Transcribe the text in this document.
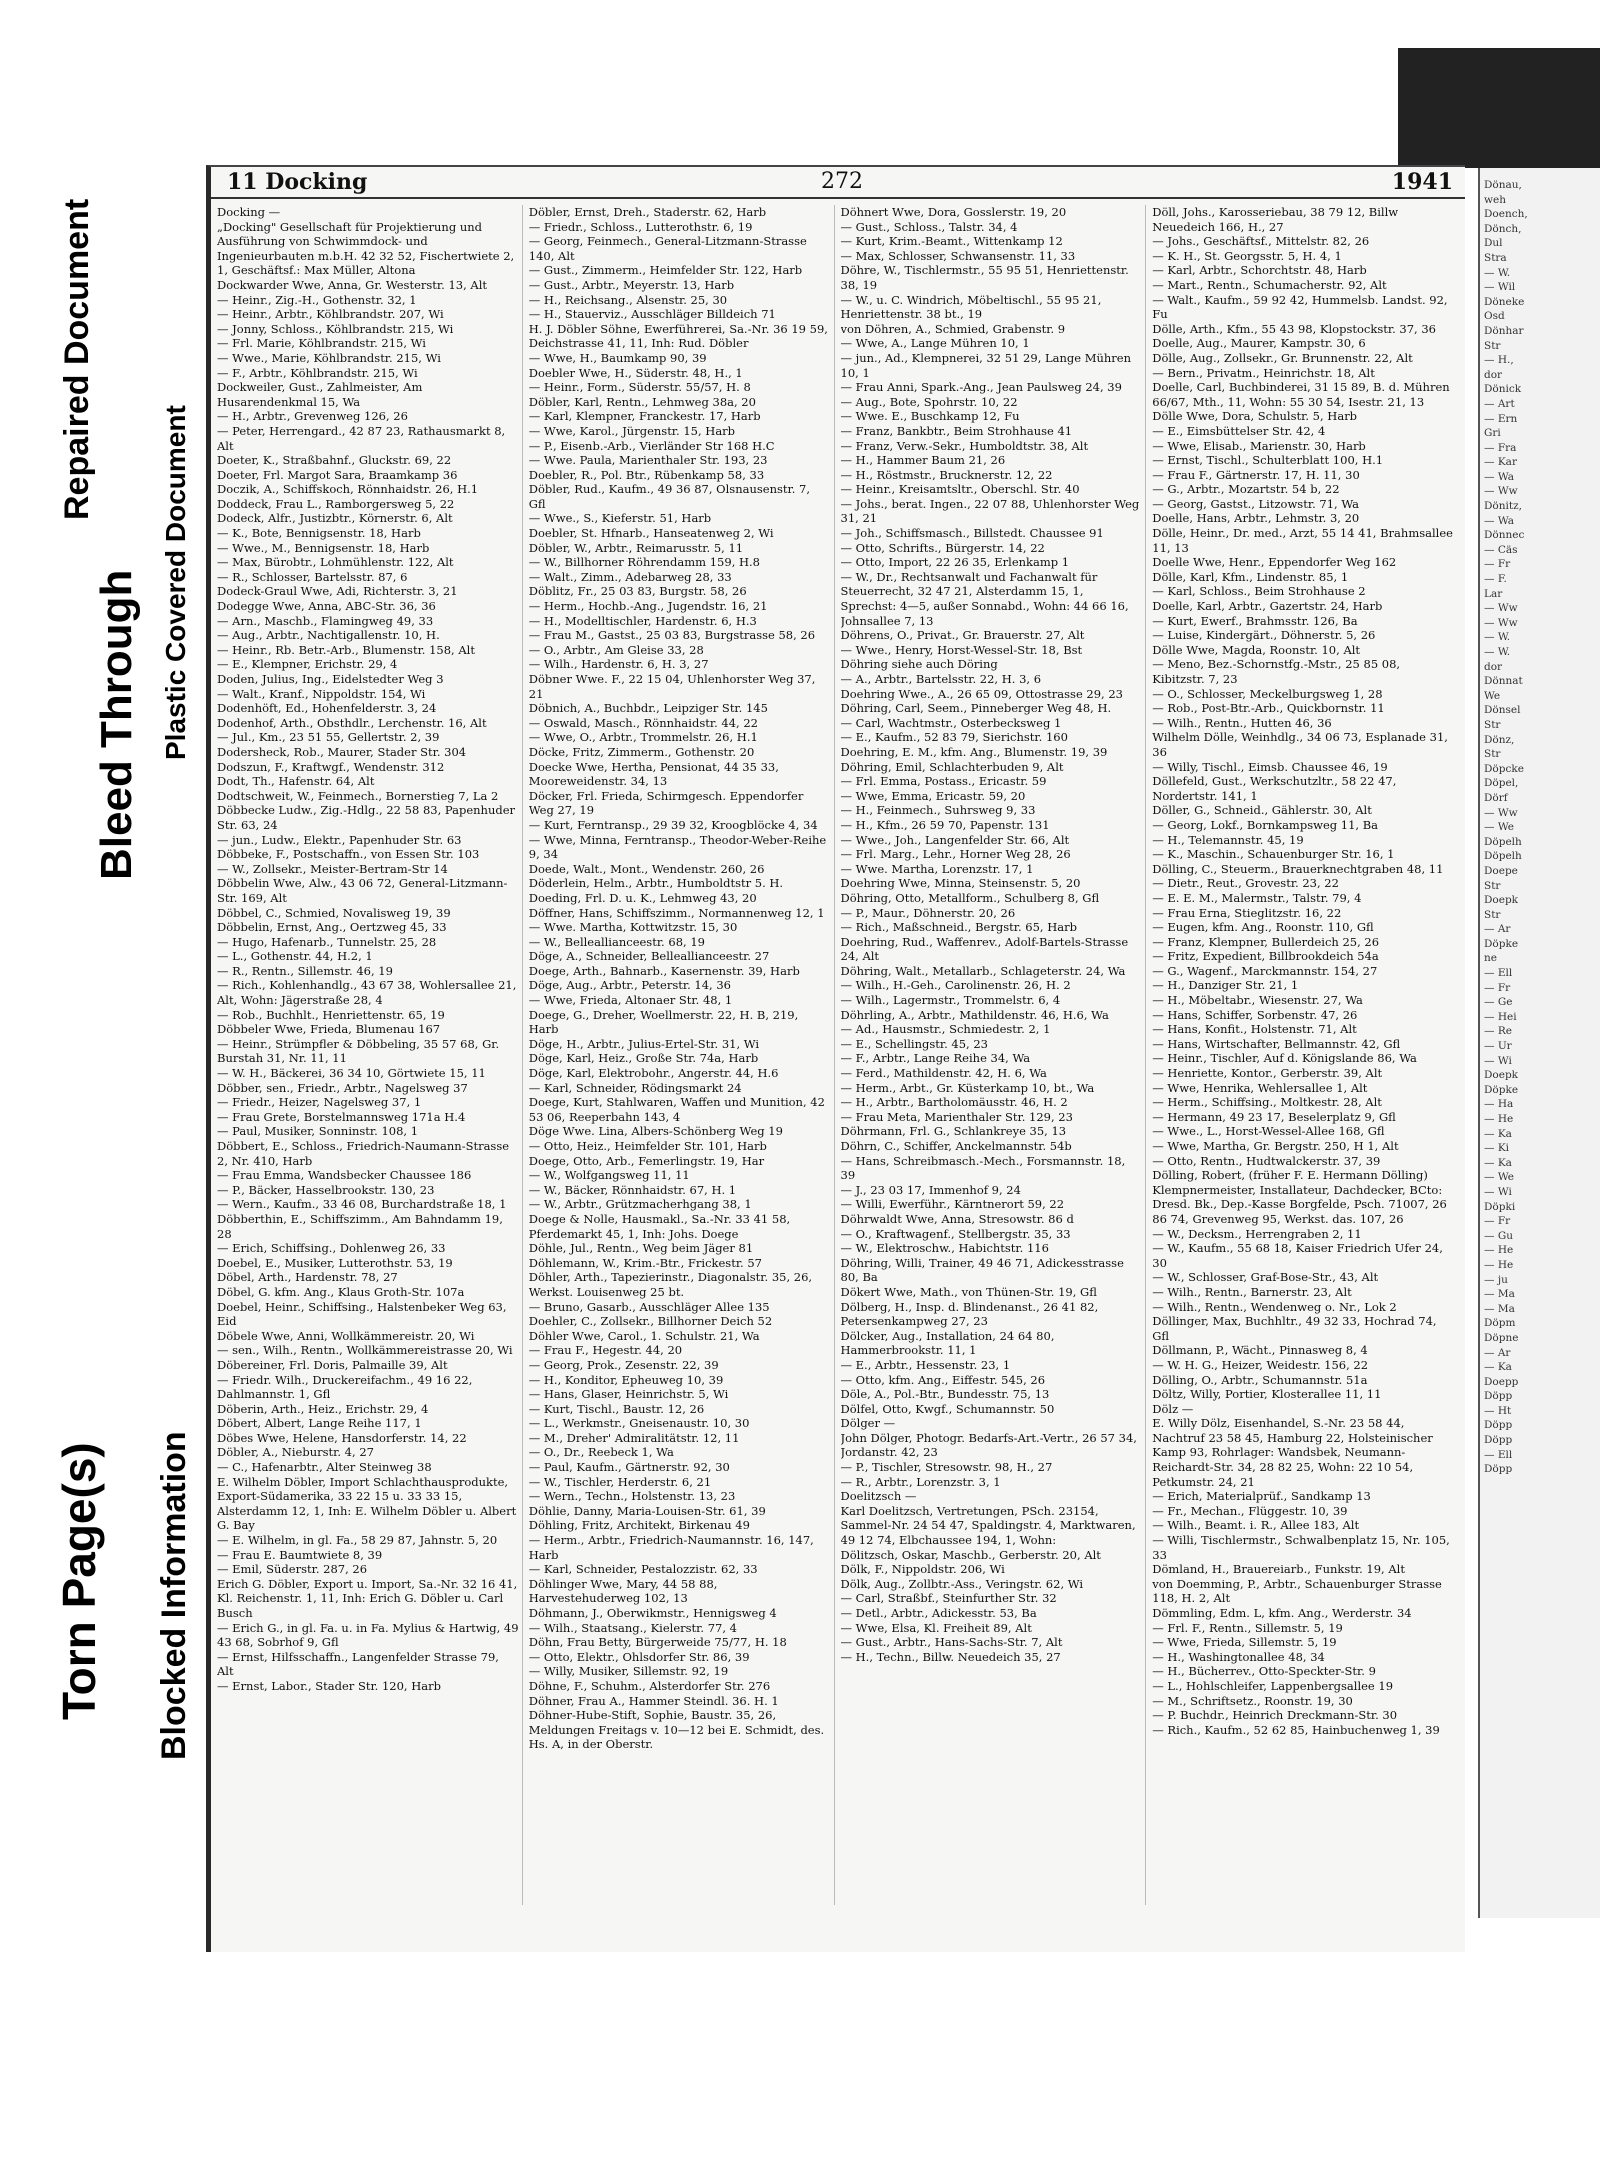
Dönau,
weh
Doench,
Dönch,
Dul
Stra
— W.
— Wil
Döneke
Osd
Dönhar
Str
— H.,
dor
Dönick
— Art
— Ern
Gri
— Fra
— Kar
— Wa
— Ww
Dönitz,
— Wa
Dönnec
— Cäs
— Fr
— F.
Lar
— Ww
— Ww
— W.
— W.
dor
Dönnat
We
Dönsel
Str
Dönz,
Str
Döpcke
Döpel,
Dörf
— Ww
— We
Döpelh
Döpelh
Doepe
Str
Doepk
Str
— Ar
Döpke
ne
— Ell
— Fr
— Ge
— Hei
— Re
— Ur
— Wi
Doepk
Döpke
— Ha
— He
— Ka
— Ki
— Ka
— We
— Wi
Döpki
— Fr
— Gu
— He
— He
— ju
— Ma
— Ma
Döpm
Döpne
— Ar
— Ka
Doepp
Döpp
— Ht
Döpp
Döpp
— Ell
Döpp
Bleed Through
Repaired Document
Plastic Covered Document
Torn Page(s) Blocked Information
11 Docking	272	1941

Docking —

„Docking" Gesellschaft für Projektierung und Ausführung von Schwimmdock- und Ingenieurbauten m.b.H. 42 32 52, Fischertwiete 2, 1, Geschäftsf.: Max Müller, Altona

Dockwarder Wwe, Anna, Gr. Westerstr. 13, Alt

— Heinr., Zig.-H., Gothenstr. 32, 1

— Heinr., Arbtr., Köhlbrandstr. 207, Wi

— Jonny, Schloss., Köhlbrandstr. 215, Wi

— Frl. Marie, Köhlbrandstr. 215, Wi

— Wwe., Marie, Köhlbrandstr. 215, Wi

— F., Arbtr., Köhlbrandstr. 215, Wi

Dockweiler, Gust., Zahlmeister, Am Husarendenkmal 15, Wa

— H., Arbtr., Grevenweg 126, 26

— Peter, Herrengard., 42 87 23, Rathausmarkt 8, Alt

Doeter, K., Straßbahnf., Gluckstr. 69, 22

Doeter, Frl. Margot Sara, Braamkamp 36

Doczik, A., Schiffskoch, Rönnhaidstr. 26, H.1

Doddeck, Frau L., Ramborgersweg 5, 22

Dodeck, Alfr., Justizbtr., Körnerstr. 6, Alt

— K., Bote, Bennigsenstr. 18, Harb

— Wwe., M., Bennigsenstr. 18, Harb

— Max, Bürobtr., Lohmühlenstr. 122, Alt

— R., Schlosser, Bartelsstr. 87, 6

Dodeck-Graul Wwe, Adi, Richterstr. 3, 21

Dodegge Wwe, Anna, ABC-Str. 36, 36

— Arn., Maschb., Flamingweg 49, 33

— Aug., Arbtr., Nachtigallenstr. 10, H.

— Heinr., Rb. Betr.-Arb., Blumenstr. 158, Alt

— E., Klempner, Erichstr. 29, 4

Doden, Julius, Ing., Eidelstedter Weg 3

— Walt., Kranf., Nippoldstr. 154, Wi

Dodenhöft, Ed., Hohenfelderstr. 3, 24

Dodenhof, Arth., Obsthdlr., Lerchenstr. 16, Alt

— Jul., Km., 23 51 55, Gellertstr. 2, 39

Dodersheck, Rob., Maurer, Stader Str. 304

Dodszun, F., Kraftwgf., Wendenstr. 312

Dodt, Th., Hafenstr. 64, Alt

Dodtschweit, W., Feinmech., Bornerstieg 7, La 2

Döbbecke Ludw., Zig.-Hdlg., 22 58 83, Papenhuder Str. 63, 24

— jun., Ludw., Elektr., Papenhuder Str. 63

Döbbeke, F., Postschaffn., von Essen Str. 103

— W., Zollsekr., Meister-Bertram-Str 14

Döbbelin Wwe, Alw., 43 06 72, General-Litzmann-Str. 169, Alt

Döbbel, C., Schmied, Novalisweg 19, 39

Döbbelin, Ernst, Ang., Oertzweg 45, 33

— Hugo, Hafenarb., Tunnelstr. 25, 28

— L., Gothenstr. 44, H.2, 1

— R., Rentn., Sillemstr. 46, 19

— Rich., Kohlenhandlg., 43 67 38, Wohlersallee 21, Alt, Wohn: Jägerstraße 28, 4

— Rob., Buchhlt., Henriettenstr. 65, 19

Döbbeler Wwe, Frieda, Blumenau 167

— Heinr., Strümpfler & Döbbeling, 35 57 68, Gr. Burstah 31, Nr. 11, 11

— W. H., Bäckerei, 36 34 10, Görtwiete 15, 11

Döbber, sen., Friedr., Arbtr., Nagelsweg 37

— Friedr., Heizer, Nagelsweg 37, 1

— Frau Grete, Borstelmannsweg 171a H.4

— Paul, Musiker, Sonninstr. 108, 1

Döbbert, E., Schloss., Friedrich-Naumann-Strasse 2, Nr. 410, Harb

— Frau Emma, Wandsbecker Chaussee 186

— P., Bäcker, Hasselbrookstr. 130, 23

— Wern., Kaufm., 33 46 08, Burchardstraße 18, 1

Döbberthin, E., Schiffszimm., Am Bahndamm 19, 28

— Erich, Schiffsing., Dohlenweg 26, 33

Doebel, E., Musiker, Lutterothstr. 53, 19

Döbel, Arth., Hardenstr. 78, 27

Döbel, G. kfm. Ang., Klaus Groth-Str. 107a

Doebel, Heinr., Schiffsing., Halstenbeker Weg 63, Eid

Döbele Wwe, Anni, Wollkämmereistr. 20, Wi

— sen., Wilh., Rentn., Wollkämmereistrasse 20, Wi

Döbereiner, Frl. Doris, Palmaille 39, Alt

— Friedr. Wilh., Druckereifachm., 49 16 22, Dahlmannstr. 1, Gfl

Döberin, Arth., Heiz., Erichstr. 29, 4

Döbert, Albert, Lange Reihe 117, 1

Döbes Wwe, Helene, Hansdorferstr. 14, 22

Döbler, A., Nieburstr. 4, 27

— C., Hafenarbtr., Alter Steinweg 38

E. Wilhelm Döbler, Import Schlachthausprodukte, Export-Südamerika, 33 22 15 u. 33 33 15, Alsterdamm 12, 1, Inh: E. Wilhelm Döbler u. Albert G. Bay

— E. Wilhelm, in gl. Fa., 58 29 87, Jahnstr. 5, 20

— Frau E. Baumtwiete 8, 39

— Emil, Süderstr. 287, 26

Erich G. Döbler, Export u. Import, Sa.-Nr. 32 16 41, Kl. Reichenstr. 1, 11, Inh: Erich G. Döbler u. Carl Busch

— Erich G., in gl. Fa. u. in Fa. Mylius & Hartwig, 49 43 68, Sobrhof 9, Gfl

— Ernst, Hilfsschaffn., Langenfelder Strasse 79, Alt

— Ernst, Labor., Stader Str. 120, Harb

Döbler, Ernst, Dreh., Staderstr. 62, Harb

— Friedr., Schloss., Lutterothstr. 6, 19

— Georg, Feinmech., General-Litzmann-Strasse 140, Alt

— Gust., Zimmerm., Heimfelder Str. 122, Harb

— Gust., Arbtr., Meyerstr. 13, Harb

— H., Reichsang., Alsenstr. 25, 30

— H., Stauerviz., Ausschläger Billdeich 71

H. J. Döbler Söhne, Ewerführerei, Sa.-Nr. 36 19 59, Deichstrasse 41, 11, Inh: Rud. Döbler

— Wwe, H., Baumkamp 90, 39

Doebler Wwe, H., Süderstr. 48, H., 1

— Heinr., Form., Süderstr. 55/57, H. 8

Döbler, Karl, Rentn., Lehmweg 38a, 20

— Karl, Klempner, Franckestr. 17, Harb

— Wwe, Karol., Jürgenstr. 15, Harb

— P., Eisenb.-Arb., Vierländer Str 168 H.C

— Wwe. Paula, Marienthaler Str. 193, 23

Doebler, R., Pol. Btr., Rübenkamp 58, 33

Döbler, Rud., Kaufm., 49 36 87, Olsnausenstr. 7, Gfl

— Wwe., S., Kieferstr. 51, Harb

Doebler, St. Hfnarb., Hanseatenweg 2, Wi

Döbler, W., Arbtr., Reimarusstr. 5, 11

— W., Billhorner Röhrendamm 159, H.8

— Walt., Zimm., Adebarweg 28, 33

Döblitz, Fr., 25 03 83, Burgstr. 58, 26

— Herm., Hochb.-Ang., Jugendstr. 16, 21

— H., Modelltischler, Hardenstr. 6, H.3

— Frau M., Gastst., 25 03 83, Burgstrasse 58, 26

— O., Arbtr., Am Gleise 33, 28

— Wilh., Hardenstr. 6, H. 3, 27

Döbner Wwe. F., 22 15 04, Uhlenhorster Weg 37, 21

Döbnich, A., Buchbdr., Leipziger Str. 145

— Oswald, Masch., Rönnhaidstr. 44, 22

— Wwe, O., Arbtr., Trommelstr. 26, H.1

Döcke, Fritz, Zimmerm., Gothenstr. 20

Doecke Wwe, Hertha, Pensionat, 44 35 33, Mooreweidenstr. 34, 13

Döcker, Frl. Frieda, Schirmgesch. Eppendorfer Weg 27, 19

— Kurt, Ferntransp., 29 39 32, Kroogblöcke 4, 34

— Wwe, Minna, Ferntransp., Theodor-Weber-Reihe 9, 34

Doede, Walt., Mont., Wendenstr. 260, 26

Döderlein, Helm., Arbtr., Humboldtstr 5. H.

Doeding, Frl. D. u. K., Lehmweg 43, 20

Döffner, Hans, Schiffszimm., Normannenweg 12, 1

— Wwe. Martha, Kottwitzstr. 15, 30

— W., Belleallianceestr. 68, 19

Döge, A., Schneider, Belleallianceestr. 27

Doege, Arth., Bahnarb., Kasernenstr. 39, Harb

Döge, Aug., Arbtr., Peterstr. 14, 36

— Wwe, Frieda, Altonaer Str. 48, 1

Doege, G., Dreher, Woellmerstr. 22, H. B, 219, Harb

Döge, H., Arbtr., Julius-Ertel-Str. 31, Wi

Döge, Karl, Heiz., Große Str. 74a, Harb

Döge, Karl, Elektrobohr., Angerstr. 44, H.6

— Karl, Schneider, Rödingsmarkt 24

Doege, Kurt, Stahlwaren, Waffen und Munition, 42 53 06, Reeperbahn 143, 4

Döge Wwe. Lina, Albers-Schönberg Weg 19

— Otto, Heiz., Heimfelder Str. 101, Harb

Doege, Otto, Arb., Femerlingstr. 19, Har

— W., Wolfgangsweg 11, 11

— W., Bäcker, Rönnhaidstr. 67, H. 1

— W., Arbtr., Grützmacherhgang 38, 1

Doege & Nolle, Hausmakl., Sa.-Nr. 33 41 58, Pferdemarkt 45, 1, Inh: Johs. Doege

Döhle, Jul., Rentn., Weg beim Jäger 81

Döhlemann, W., Krim.-Btr., Frickestr. 57

Döhler, Arth., Tapezierinstr., Diagonalstr. 35, 26, Werkst. Louisenweg 25 bt.

— Bruno, Gasarb., Ausschläger Allee 135

Doehler, C., Zollsekr., Billhorner Deich 52

Döhler Wwe, Carol., 1. Schulstr. 21, Wa

— Frau F., Hegestr. 44, 20

— Georg, Prok., Zesenstr. 22, 39

— H., Konditor, Epheuweg 10, 39

— Hans, Glaser, Heinrichstr. 5, Wi

— Kurt, Tischl., Baustr. 12, 26

— L., Werkmstr., Gneisenaustr. 10, 30

— M., Dreher' Admiralitätstr. 12, 11

— O., Dr., Reebeck 1, Wa

— Paul, Kaufm., Gärtnerstr. 92, 30

— W., Tischler, Herderstr. 6, 21

— Wern., Techn., Holstenstr. 13, 23

Döhlie, Danny, Maria-Louisen-Str. 61, 39

Döhling, Fritz, Architekt, Birkenau 49

— Herm., Arbtr., Friedrich-Naumannstr. 16, 147, Harb

— Karl, Schneider, Pestalozzistr. 62, 33

Döhlinger Wwe, Mary, 44 58 88, Harvestehuderweg 102, 13

Döhmann, J., Oberwikmstr., Hennigsweg 4

— Wilh., Staatsang., Kielerstr. 77, 4

Döhn, Frau Betty, Bürgerweide 75/77, H. 18

— Otto, Elektr., Ohlsdorfer Str. 86, 39

— Willy, Musiker, Sillemstr. 92, 19

Döhne, F., Schuhm., Alsterdorfer Str. 276

Döhner, Frau A., Hammer Steindl. 36. H. 1

Döhner-Hube-Stift, Sophie, Baustr. 35, 26, Meldungen Freitags v. 10—12 bei E. Schmidt, des. Hs. A, in der Oberstr.

Döhnert Wwe, Dora, Gosslerstr. 19, 20

— Gust., Schloss., Talstr. 34, 4

— Kurt, Krim.-Beamt., Wittenkamp 12

— Max, Schlosser, Schwansenstr. 11, 33

Döhre, W., Tischlermstr., 55 95 51, Henriettenstr. 38, 19

— W., u. C. Windrich, Möbeltischl., 55 95 21, Henriettenstr. 38 bt., 19

von Döhren, A., Schmied, Grabenstr. 9

— Wwe, A., Lange Mühren 10, 1

— jun., Ad., Klempnerei, 32 51 29, Lange Mühren 10, 1

— Frau Anni, Spark.-Ang., Jean Paulsweg 24, 39

— Aug., Bote, Spohrstr. 10, 22

— Wwe. E., Buschkamp 12, Fu

— Franz, Bankbtr., Beim Strohhause 41

— Franz, Verw.-Sekr., Humboldtstr. 38, Alt

— H., Hammer Baum 21, 26

— H., Röstmstr., Brucknerstr. 12, 22

— Heinr., Kreisamtsltr., Oberschl. Str. 40

— Johs., berat. Ingen., 22 07 88, Uhlenhorster Weg 31, 21

— Joh., Schiffsmasch., Billstedt. Chaussee 91

— Otto, Schrifts., Bürgerstr. 14, 22

— Otto, Import, 22 26 35, Erlenkamp 1

— W., Dr., Rechtsanwalt und Fachanwalt für Steuerrecht, 32 47 21, Alsterdamm 15, 1, Sprechst: 4—5, außer Sonnabd., Wohn: 44 66 16, Johnsallee 7, 13

Döhrens, O., Privat., Gr. Brauerstr. 27, Alt

— Wwe., Henry, Horst-Wessel-Str. 18, Bst

Döhring siehe auch Döring

— A., Arbtr., Bartelsstr. 22, H. 3, 6

Doehring Wwe., A., 26 65 09, Ottostrasse 29, 23

Döhring, Carl, Seem., Pinneberger Weg 48, H.

— Carl, Wachtmstr., Osterbecksweg 1

— E., Kaufm., 52 83 79, Sierichstr. 160

Doehring, E. M., kfm. Ang., Blumenstr. 19, 39

Döhring, Emil, Schlachterbuden 9, Alt

— Frl. Emma, Postass., Ericastr. 59

— Wwe, Emma, Ericastr. 59, 20

— H., Feinmech., Suhrsweg 9, 33

— H., Kfm., 26 59 70, Papenstr. 131

— Wwe., Joh., Langenfelder Str. 66, Alt

— Frl. Marg., Lehr., Horner Weg 28, 26

— Wwe. Martha, Lorenzstr. 17, 1

Doehring Wwe, Minna, Steinsenstr. 5, 20

Döhring, Otto, Metallform., Schulberg 8, Gfl

— P., Maur., Döhnerstr. 20, 26

— Rich., Maßschneid., Bergstr. 65, Harb

Doehring, Rud., Waffenrev., Adolf-Bartels-Strasse 24, Alt

Döhring, Walt., Metallarb., Schlageterstr. 24, Wa

— Wilh., H.-Geh., Carolinenstr. 26, H. 2

— Wilh., Lagermstr., Trommelstr. 6, 4

Döhrling, A., Arbtr., Mathildenstr. 46, H.6, Wa

— Ad., Hausmstr., Schmiedestr. 2, 1

— E., Schellingstr. 45, 23

— F., Arbtr., Lange Reihe 34, Wa

— Ferd., Mathildenstr. 42, H. 6, Wa

— Herm., Arbt., Gr. Küsterkamp 10, bt., Wa

— H., Arbtr., Bartholomäusstr. 46, H. 2

— Frau Meta, Marienthaler Str. 129, 23

Döhrmann, Frl. G., Schlankreye 35, 13

Döhrn, C., Schiffer, Anckelmannstr. 54b

— Hans, Schreibmasch.-Mech., Forsmannstr. 18, 39

— J., 23 03 17, Immenhof 9, 24

— Willi, Ewerführ., Kärntnerort 59, 22

Döhrwaldt Wwe, Anna, Stresowstr. 86 d

— O., Kraftwagenf., Stellbergstr. 35, 33

— W., Elektroschw., Habichtstr. 116

Döhring, Willi, Trainer, 49 46 71, Adickesstrasse 80, Ba

Dökert Wwe, Math., von Thünen-Str. 19, Gfl

Dölberg, H., Insp. d. Blindenanst., 26 41 82, Petersenkampweg 27, 23

Dölcker, Aug., Installation, 24 64 80, Hammerbrookstr. 11, 1

— E., Arbtr., Hessenstr. 23, 1

— Otto, kfm. Ang., Eiffestr. 545, 26

Döle, A., Pol.-Btr., Bundesstr. 75, 13

Dölfel, Otto, Kwgf., Schumannstr. 50

Dölger —

John Dölger, Photogr. Bedarfs-Art.-Vertr., 26 57 34, Jordanstr. 42, 23

— P., Tischler, Stresowstr. 98, H., 27

— R., Arbtr., Lorenzstr. 3, 1

Doelitzsch —

Karl Doelitzsch, Vertretungen, PSch. 23154, Sammel-Nr. 24 54 47, Spaldingstr. 4, Marktwaren, 49 12 74, Elbchaussee 194, 1, Wohn:

Dölitzsch, Oskar, Maschb., Gerberstr. 20, Alt

Dölk, F., Nippoldstr. 206, Wi

Dölk, Aug., Zollbtr.-Ass., Veringstr. 62, Wi

— Carl, Straßbf., Steinfurther Str. 32

— Detl., Arbtr., Adickesstr. 53, Ba

— Wwe, Elsa, Kl. Freiheit 89, Alt

— Gust., Arbtr., Hans-Sachs-Str. 7, Alt

— H., Techn., Billw. Neuedeich 35, 27

Döll, Johs., Karosseriebau, 38 79 12, Billw Neuedeich 166, H., 27

— Johs., Geschäftsf., Mittelstr. 82, 26

— K. H., St. Georgsstr. 5, H. 4, 1

— Karl, Arbtr., Schorchtstr. 48, Harb

— Mart., Rentn., Schumacherstr. 92, Alt

— Walt., Kaufm., 59 92 42, Hummelsb. Landst. 92, Fu

Dölle, Arth., Kfm., 55 43 98, Klopstockstr. 37, 36

Doelle, Aug., Maurer, Kampstr. 30, 6

Dölle, Aug., Zollsekr., Gr. Brunnenstr. 22, Alt

— Bern., Privatm., Heinrichstr. 18, Alt

Doelle, Carl, Buchbinderei, 31 15 89, B. d. Mühren 66/67, Mth., 11, Wohn: 55 30 54, Isestr. 21, 13

Dölle Wwe, Dora, Schulstr. 5, Harb

— E., Eimsbüttelser Str. 42, 4

— Wwe, Elisab., Marienstr. 30, Harb

— Ernst, Tischl., Schulterblatt 100, H.1

— Frau F., Gärtnerstr. 17, H. 11, 30

— G., Arbtr., Mozartstr. 54 b, 22

— Georg, Gastst., Litzowstr. 71, Wa

Doelle, Hans, Arbtr., Lehmstr. 3, 20

Dölle, Heinr., Dr. med., Arzt, 55 14 41, Brahmsallee 11, 13

Doelle Wwe, Henr., Eppendorfer Weg 162

Dölle, Karl, Kfm., Lindenstr. 85, 1

— Karl, Schloss., Beim Strohhause 2

Doelle, Karl, Arbtr., Gazertstr. 24, Harb

— Kurt, Ewerf., Brahmsstr. 126, Ba

— Luise, Kindergärt., Döhnerstr. 5, 26

Dölle Wwe, Magda, Roonstr. 10, Alt

— Meno, Bez.-Schornstfg.-Mstr., 25 85 08, Kibitzstr. 7, 23

— O., Schlosser, Meckelburgsweg 1, 28

— Rob., Post-Btr.-Arb., Quickbornstr. 11

— Wilh., Rentn., Hutten 46, 36

Wilhelm Dölle, Weinhdlg., 34 06 73, Esplanade 31, 36

— Willy, Tischl., Eimsb. Chaussee 46, 19

Döllefeld, Gust., Werkschutzltr., 58 22 47, Nordertstr. 141, 1

Döller, G., Schneid., Gählerstr. 30, Alt

— Georg, Lokf., Bornkampsweg 11, Ba

— H., Telemannstr. 45, 19

— K., Maschin., Schauenburger Str. 16, 1

Dölling, C., Steuerm., Brauerknechtgraben 48, 11

— Dietr., Reut., Grovestr. 23, 22

— E. E. M., Malermstr., Talstr. 79, 4

— Frau Erna, Stieglitzstr. 16, 22

— Eugen, kfm. Ang., Roonstr. 110, Gfl

— Franz, Klempner, Bullerdeich 25, 26

— Fritz, Expedient, Billbrookdeich 54a

— G., Wagenf., Marckmannstr. 154, 27

— H., Danziger Str. 21, 1

— H., Möbeltabr., Wiesenstr. 27, Wa

— Hans, Schiffer, Sorbenstr. 47, 26

— Hans, Konfit., Holstenstr. 71, Alt

— Hans, Wirtschafter, Bellmannstr. 42, Gfl

— Heinr., Tischler, Auf d. Königslande 86, Wa

— Henriette, Kontor., Gerberstr. 39, Alt

— Wwe, Henrika, Wehlersallee 1, Alt

— Herm., Schiffsing., Moltkestr. 28, Alt

— Hermann, 49 23 17, Beselerplatz 9, Gfl

— Wwe., L., Horst-Wessel-Allee 168, Gfl

— Wwe, Martha, Gr. Bergstr. 250, H 1, Alt

— Otto, Rentn., Hudtwalckerstr. 37, 39

Dölling, Robert, (früher F. E. Hermann Dölling) Klempnermeister, Installateur, Dachdecker, BCto: Dresd. Bk., Dep.-Kasse Borgfelde, Psch. 71007, 26 86 74, Grevenweg 95, Werkst. das. 107, 26

— W., Decksm., Herrengraben 2, 11

— W., Kaufm., 55 68 18, Kaiser Friedrich Ufer 24, 30

— W., Schlosser, Graf-Bose-Str., 43, Alt

— Wilh., Rentn., Barnerstr. 23, Alt

— Wilh., Rentn., Wendenweg o. Nr., Lok 2

Döllinger, Max, Buchhltr., 49 32 33, Hochrad 74, Gfl

Döllmann, P., Wächt., Pinnasweg 8, 4

— W. H. G., Heizer, Weidestr. 156, 22

Dölling, O., Arbtr., Schumannstr. 51a

Döltz, Willy, Portier, Klosterallee 11, 11

Dölz —

E. Willy Dölz, Eisenhandel, S.-Nr. 23 58 44, Nachtruf 23 58 45, Hamburg 22, Holsteinischer Kamp 93, Rohrlager: Wandsbek, Neumann-Reichardt-Str. 34, 28 82 25, Wohn: 22 10 54, Petkumstr. 24, 21

— Erich, Materialprüf., Sandkamp 13

— Fr., Mechan., Flüggestr. 10, 39

— Wilh., Beamt. i. R., Allee 183, Alt

— Willi, Tischlermstr., Schwalbenplatz 15, Nr. 105, 33

Dömland, H., Brauereiarb., Funkstr. 19, Alt

von Doemming, P., Arbtr., Schauenburger Strasse 118, H. 2, Alt

Dömmling, Edm. L, kfm. Ang., Werderstr. 34

— Frl. F., Rentn., Sillemstr. 5, 19

— Wwe, Frieda, Sillemstr. 5, 19

— H., Washingtonallee 48, 34

— H., Bücherrev., Otto-Speckter-Str. 9

— L., Hohlschleifer, Lappenbergsallee 19

— M., Schriftsetz., Roonstr. 19, 30

— P. Buchdr., Heinrich Dreckmann-Str. 30

— Rich., Kaufm., 52 62 85, Hainbuchenweg 1, 39
